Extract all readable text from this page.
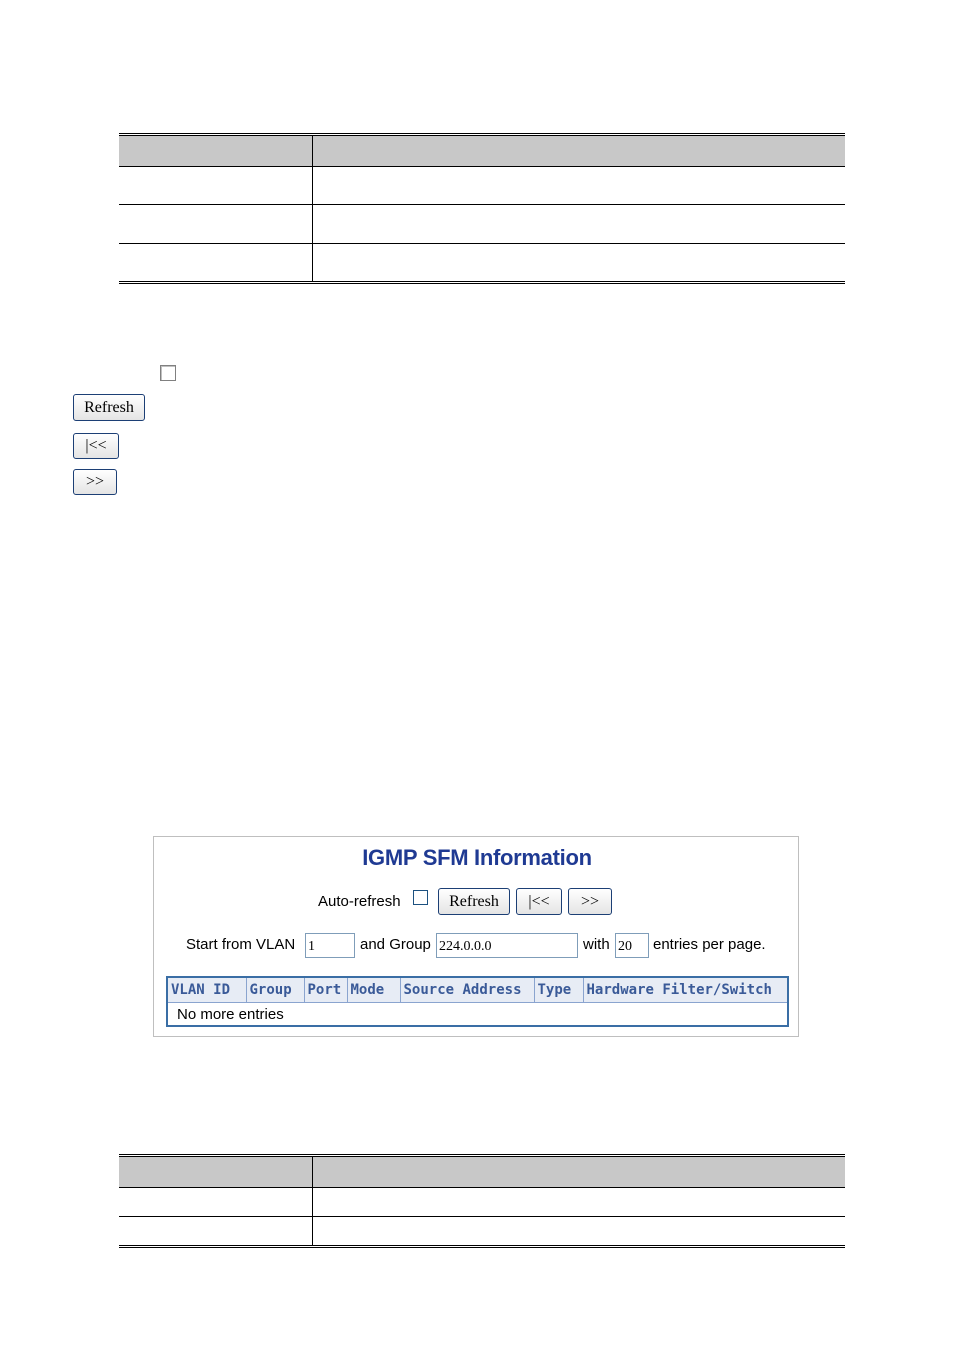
Refresh
|<<
>>
IGMP SFM Information
Auto-refresh	Refresh	|<<	>>
Start from VLAN
1	and Group
224.0.0.0	with
20	entries per page.
VLAN ID	Group	Port	Mode	Source Address	Type	Hardware Filter/Switch
No more entries
